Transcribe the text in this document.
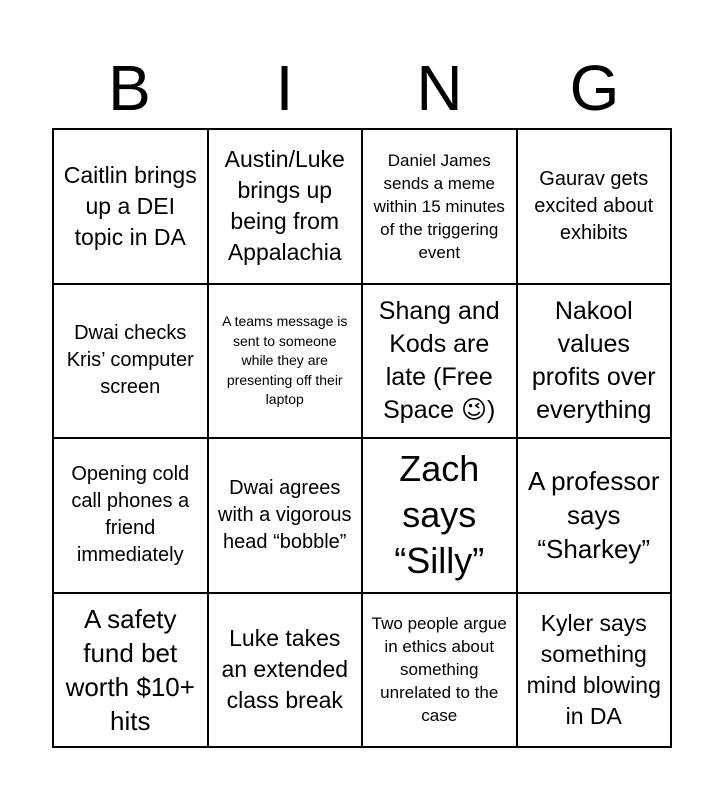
B	I	N	G
Caitlin brings up a DEI topic in DA
Austin/Luke brings up being from Appalachia
Daniel James sends a meme within 15 minutes of the triggering event
Gaurav gets excited about exhibits
Dwai checks Kris’ computer screen
A teams message is sent to someone while they are presenting off their laptop
Shang and Kods are late (Free Space 😉)
Nakool values profits over everything
Opening cold call phones a friend immediately
Dwai agrees with a vigorous head “bobble”
Zach says “Silly”
A professor says “Sharkey”
A safety fund bet worth $10+ hits
Luke takes an extended class break
Two people argue in ethics about something unrelated to the case
Kyler says something mind blowing in DA
